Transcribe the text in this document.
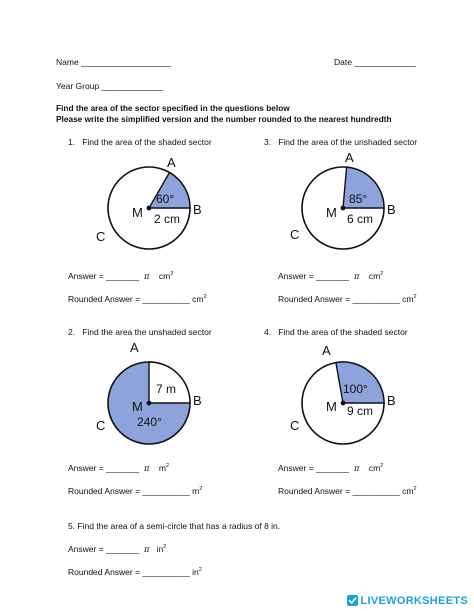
Name ___________________	Date _____________
Year Group _____________
Find the area of the sector specified in the questions below
Please write the simplified version and the number rounded to the nearest hundredth
1. Find the area of the shaded sector	3. Find the area of the unshaded sector
2. Find the area the unshaded sector	4. Find the area of the shaded sector
A
B
C
M
60°
2 cm
A
B
C
M
85°
6 cm
A
B
C
M
7 m
240°
A
B
C
M
100°
9 cm
Answer = _______ π $cm^2$
Rounded Answer = __________ $cm^2$
Answer = _______ π $cm^2$
Rounded Answer = __________ $cm^2$
Answer = _______ π $m^2$
Rounded Answer = __________ $m^2$
Answer = _______ π $cm^2$
Rounded Answer = __________ $cm^2$
5. Find the area of a semi-circle that has a radius of 8 in.
Answer = _______ π $in^2$
Rounded Answer = __________ $in^2$
LIVEWORKSHEETS
